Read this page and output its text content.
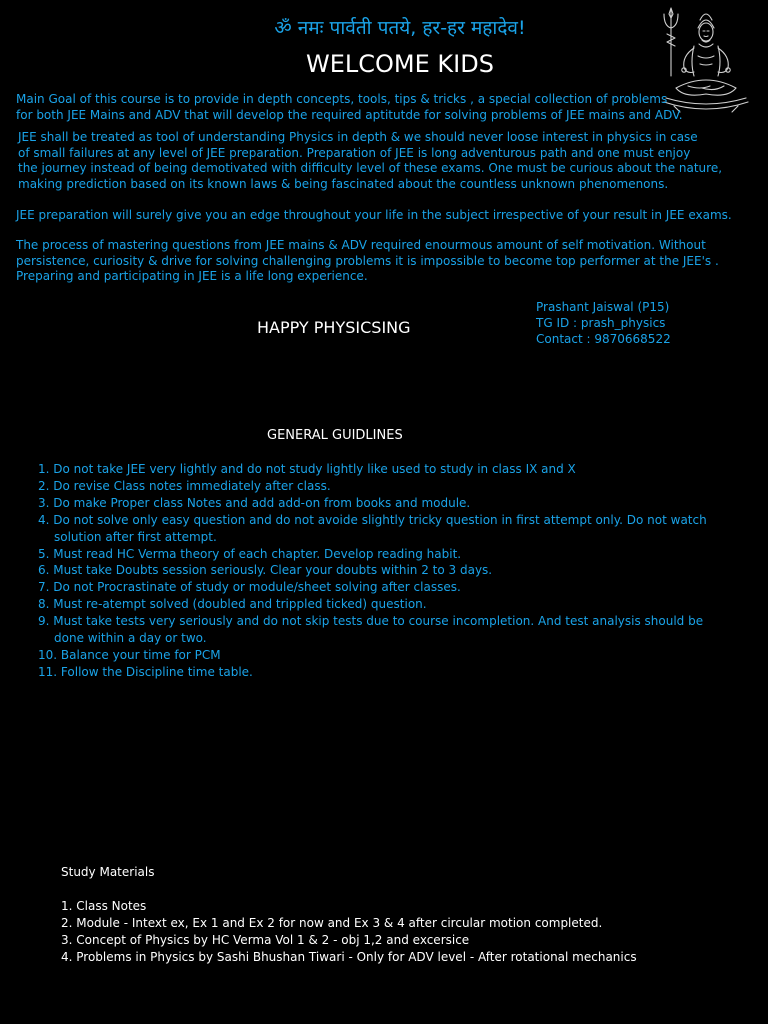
ॐ नमः पार्वती पतये, हर-हर महादेव!
WELCOME KIDS
Main Goal of this course is to provide in depth concepts, tools, tips & tricks , a special collection of problems
for both JEE Mains and ADV that will develop the required aptitutde for solving problems of JEE mains and ADV.
JEE shall be treated as tool of understanding Physics in depth & we should never loose interest in physics in case
of small failures at any level of JEE preparation. Preparation of JEE is long adventurous path and one must enjoy
the journey instead of being demotivated with difficulty level of these exams. One must be curious about the nature,
making prediction based on its known laws & being fascinated about the countless unknown phenomenons.
JEE preparation will surely give you an edge throughout your life in the subject irrespective of your result in JEE exams.
The process of mastering questions from JEE mains & ADV required enourmous amount of self motivation. Without
persistence, curiosity & drive for solving challenging problems it is impossible to become top performer at the JEE's .
Preparing and participating in JEE is a life long experience.
Prashant Jaiswal (P15)
TG ID : prash_physics
Contact : 9870668522
HAPPY PHYSICSING
GENERAL GUIDLINES
1. Do not take JEE very lightly and do not study lightly like used to study in class IX and X
2. Do revise Class notes immediately after class.
3. Do make Proper class Notes and add add-on from books and module.
4. Do not solve only easy question and do not avoide slightly tricky question in first attempt only. Do not watch
solution after first attempt.
5. Must read HC Verma theory of each chapter. Develop reading habit.
6. Must take Doubts session seriously. Clear your doubts within 2 to 3 days.
7. Do not Procrastinate of study or module/sheet solving after classes.
8. Must re-atempt solved (doubled and trippled ticked) question.
9. Must take tests very seriously and do not skip tests due to course incompletion. And test analysis should be
done within a day or two.
10. Balance your time for PCM
11. Follow the Discipline time table.
Study Materials
1. Class Notes
2. Module - Intext ex, Ex 1 and Ex 2 for now and Ex 3 & 4 after circular motion completed.
3. Concept of Physics by HC Verma Vol 1 & 2 - obj 1,2 and excersice
4. Problems in Physics by Sashi Bhushan Tiwari - Only for ADV level - After rotational mechanics
